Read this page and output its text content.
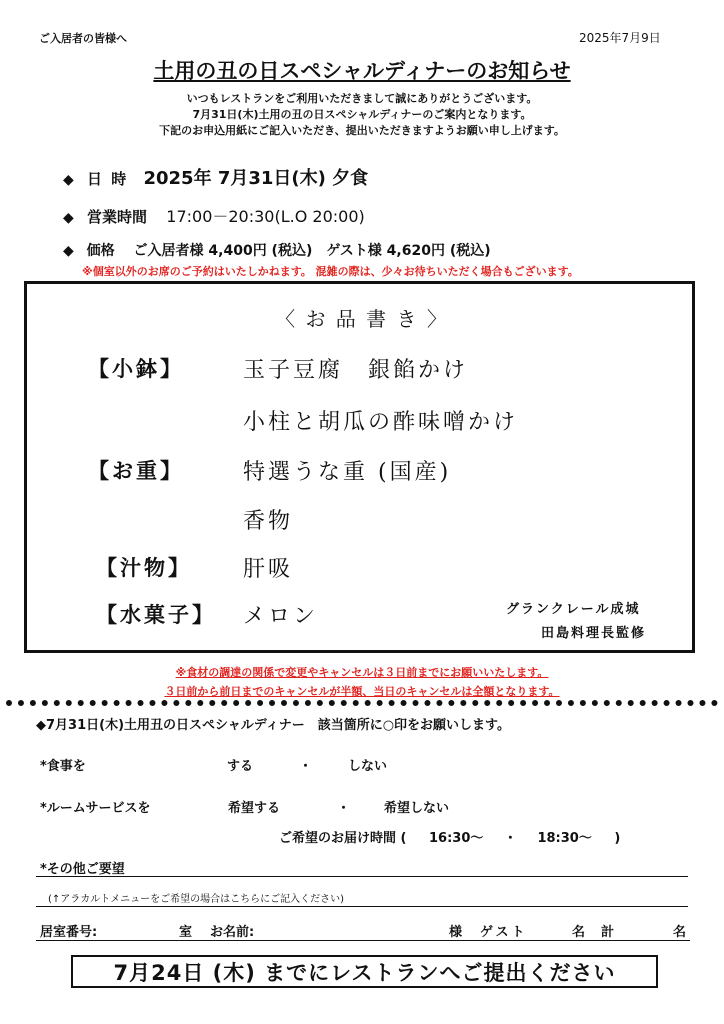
ご入居者の皆様へ	2025年7月9日
土用の丑の日スペシャルディナーのお知らせ
いつもレストランをご利用いただきまして誠にありがとうございます。
7月31日(木)土用の丑の日スペシャルディナーのご案内となります。
下記のお申込用紙にご記入いただき、提出いただきますようお願い申し上げます。
◆ 日 時 2025年 7月31日(木) 夕食
◆ 営業時間 17:00－20:30(L.O 20:00)
◆ 価格 ご入居者様 4,400円 (税込)　ゲスト様 4,620円 (税込)
※個室以外のお席のご予約はいたしかねます。 混雑の際は、少々お待ちいただく場合もございます。
〈 お 品 書 き 〉
【小鉢】	玉子豆腐　銀餡かけ
小柱と胡瓜の酢味噌かけ
【お重】	特選うな重 (国産)
香物
【汁物】 肝吸
【水菓子】 メロン	グランクレール成城
田島料理長監修
※食材の調達の関係で変更やキャンセルは３日前までにお願いいたします。
３日前から前日までのキャンセルが半額、当日のキャンセルは全額となります。
◆7月31日(木)土用丑の日スペシャルディナー　該当箇所に○印をお願いします。
*食事を	する	・	しない
*ルームサービスを	希望する	・	希望しない
ご希望のお届け時間 ( 16:30～ ・ 18:30～ )
*その他ご要望
(↑アラカルトメニューをご希望の場合はこちらにご記入ください)
居室番号:	室 お名前:	様 ゲスト	名 計	名
7月24日 (木) までにレストランへご提出ください
